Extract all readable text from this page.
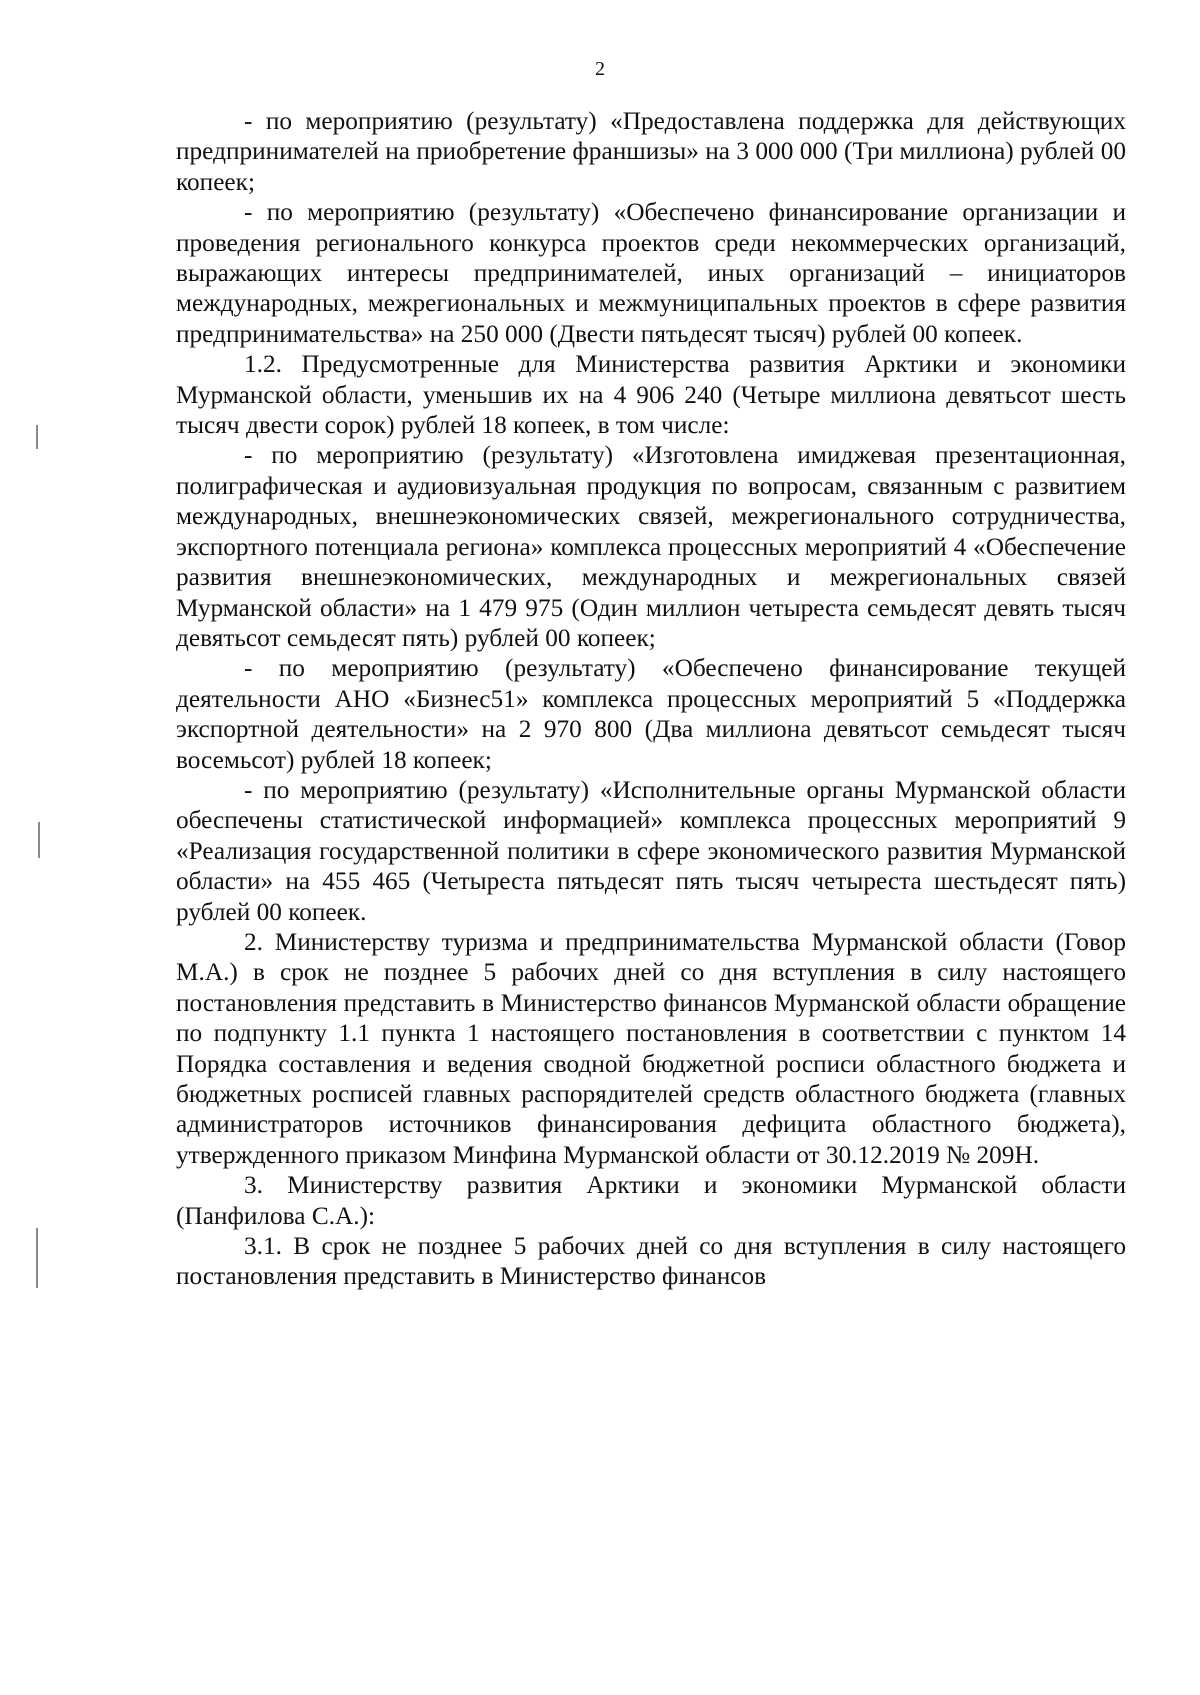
2

- по мероприятию (результату) «Предоставлена поддержка для действующих предпринимателей на приобретение франшизы» на 3 000 000 (Три миллиона) рублей 00 копеек;

- по мероприятию (результату) «Обеспечено финансирование организации и проведения регионального конкурса проектов среди некоммерческих организаций, выражающих интересы предпринимателей, иных организаций – инициаторов международных, межрегиональных и межмуниципальных проектов в сфере развития предпринимательства» на 250 000 (Двести пятьдесят тысяч) рублей 00 копеек.

1.2. Предусмотренные для Министерства развития Арктики и экономики Мурманской области, уменьшив их на 4 906 240 (Четыре миллиона девятьсот шесть тысяч двести сорок) рублей 18 копеек, в том числе:

- по мероприятию (результату) «Изготовлена имиджевая презентационная, полиграфическая и аудиовизуальная продукция по вопросам, связанным с развитием международных, внешнеэкономических связей, межрегионального сотрудничества, экспортного потенциала региона» комплекса процессных мероприятий 4 «Обеспечение развития внешнеэкономических, международных и межрегиональных связей Мурманской области» на 1 479 975 (Один миллион четыреста семьдесят девять тысяч девятьсот семьдесят пять) рублей 00 копеек;

- по мероприятию (результату) «Обеспечено финансирование текущей деятельности АНО «Бизнес51» комплекса процессных мероприятий 5 «Поддержка экспортной деятельности» на 2 970 800 (Два миллиона девятьсот семьдесят тысяч восемьсот) рублей 18 копеек;

- по мероприятию (результату) «Исполнительные органы Мурманской области обеспечены статистической информацией» комплекса процессных мероприятий 9 «Реализация государственной политики в сфере экономического развития Мурманской области» на 455 465 (Четыреста пятьдесят пять тысяч четыреста шестьдесят пять) рублей 00 копеек.

2. Министерству туризма и предпринимательства Мурманской области (Говор М.А.) в срок не позднее 5 рабочих дней со дня вступления в силу настоящего постановления представить в Министерство финансов Мурманской области обращение по подпункту 1.1 пункта 1 настоящего постановления в соответствии с пунктом 14 Порядка составления и ведения сводной бюджетной росписи областного бюджета и бюджетных росписей главных распорядителей средств областного бюджета (главных администраторов источников финансирования дефицита областного бюджета), утвержденного приказом Минфина Мурманской области от 30.12.2019 № 209Н.

3. Министерству развития Арктики и экономики Мурманской области (Панфилова С.А.):

3.1. В срок не позднее 5 рабочих дней со дня вступления в силу настоящего постановления представить в Министерство финансов
